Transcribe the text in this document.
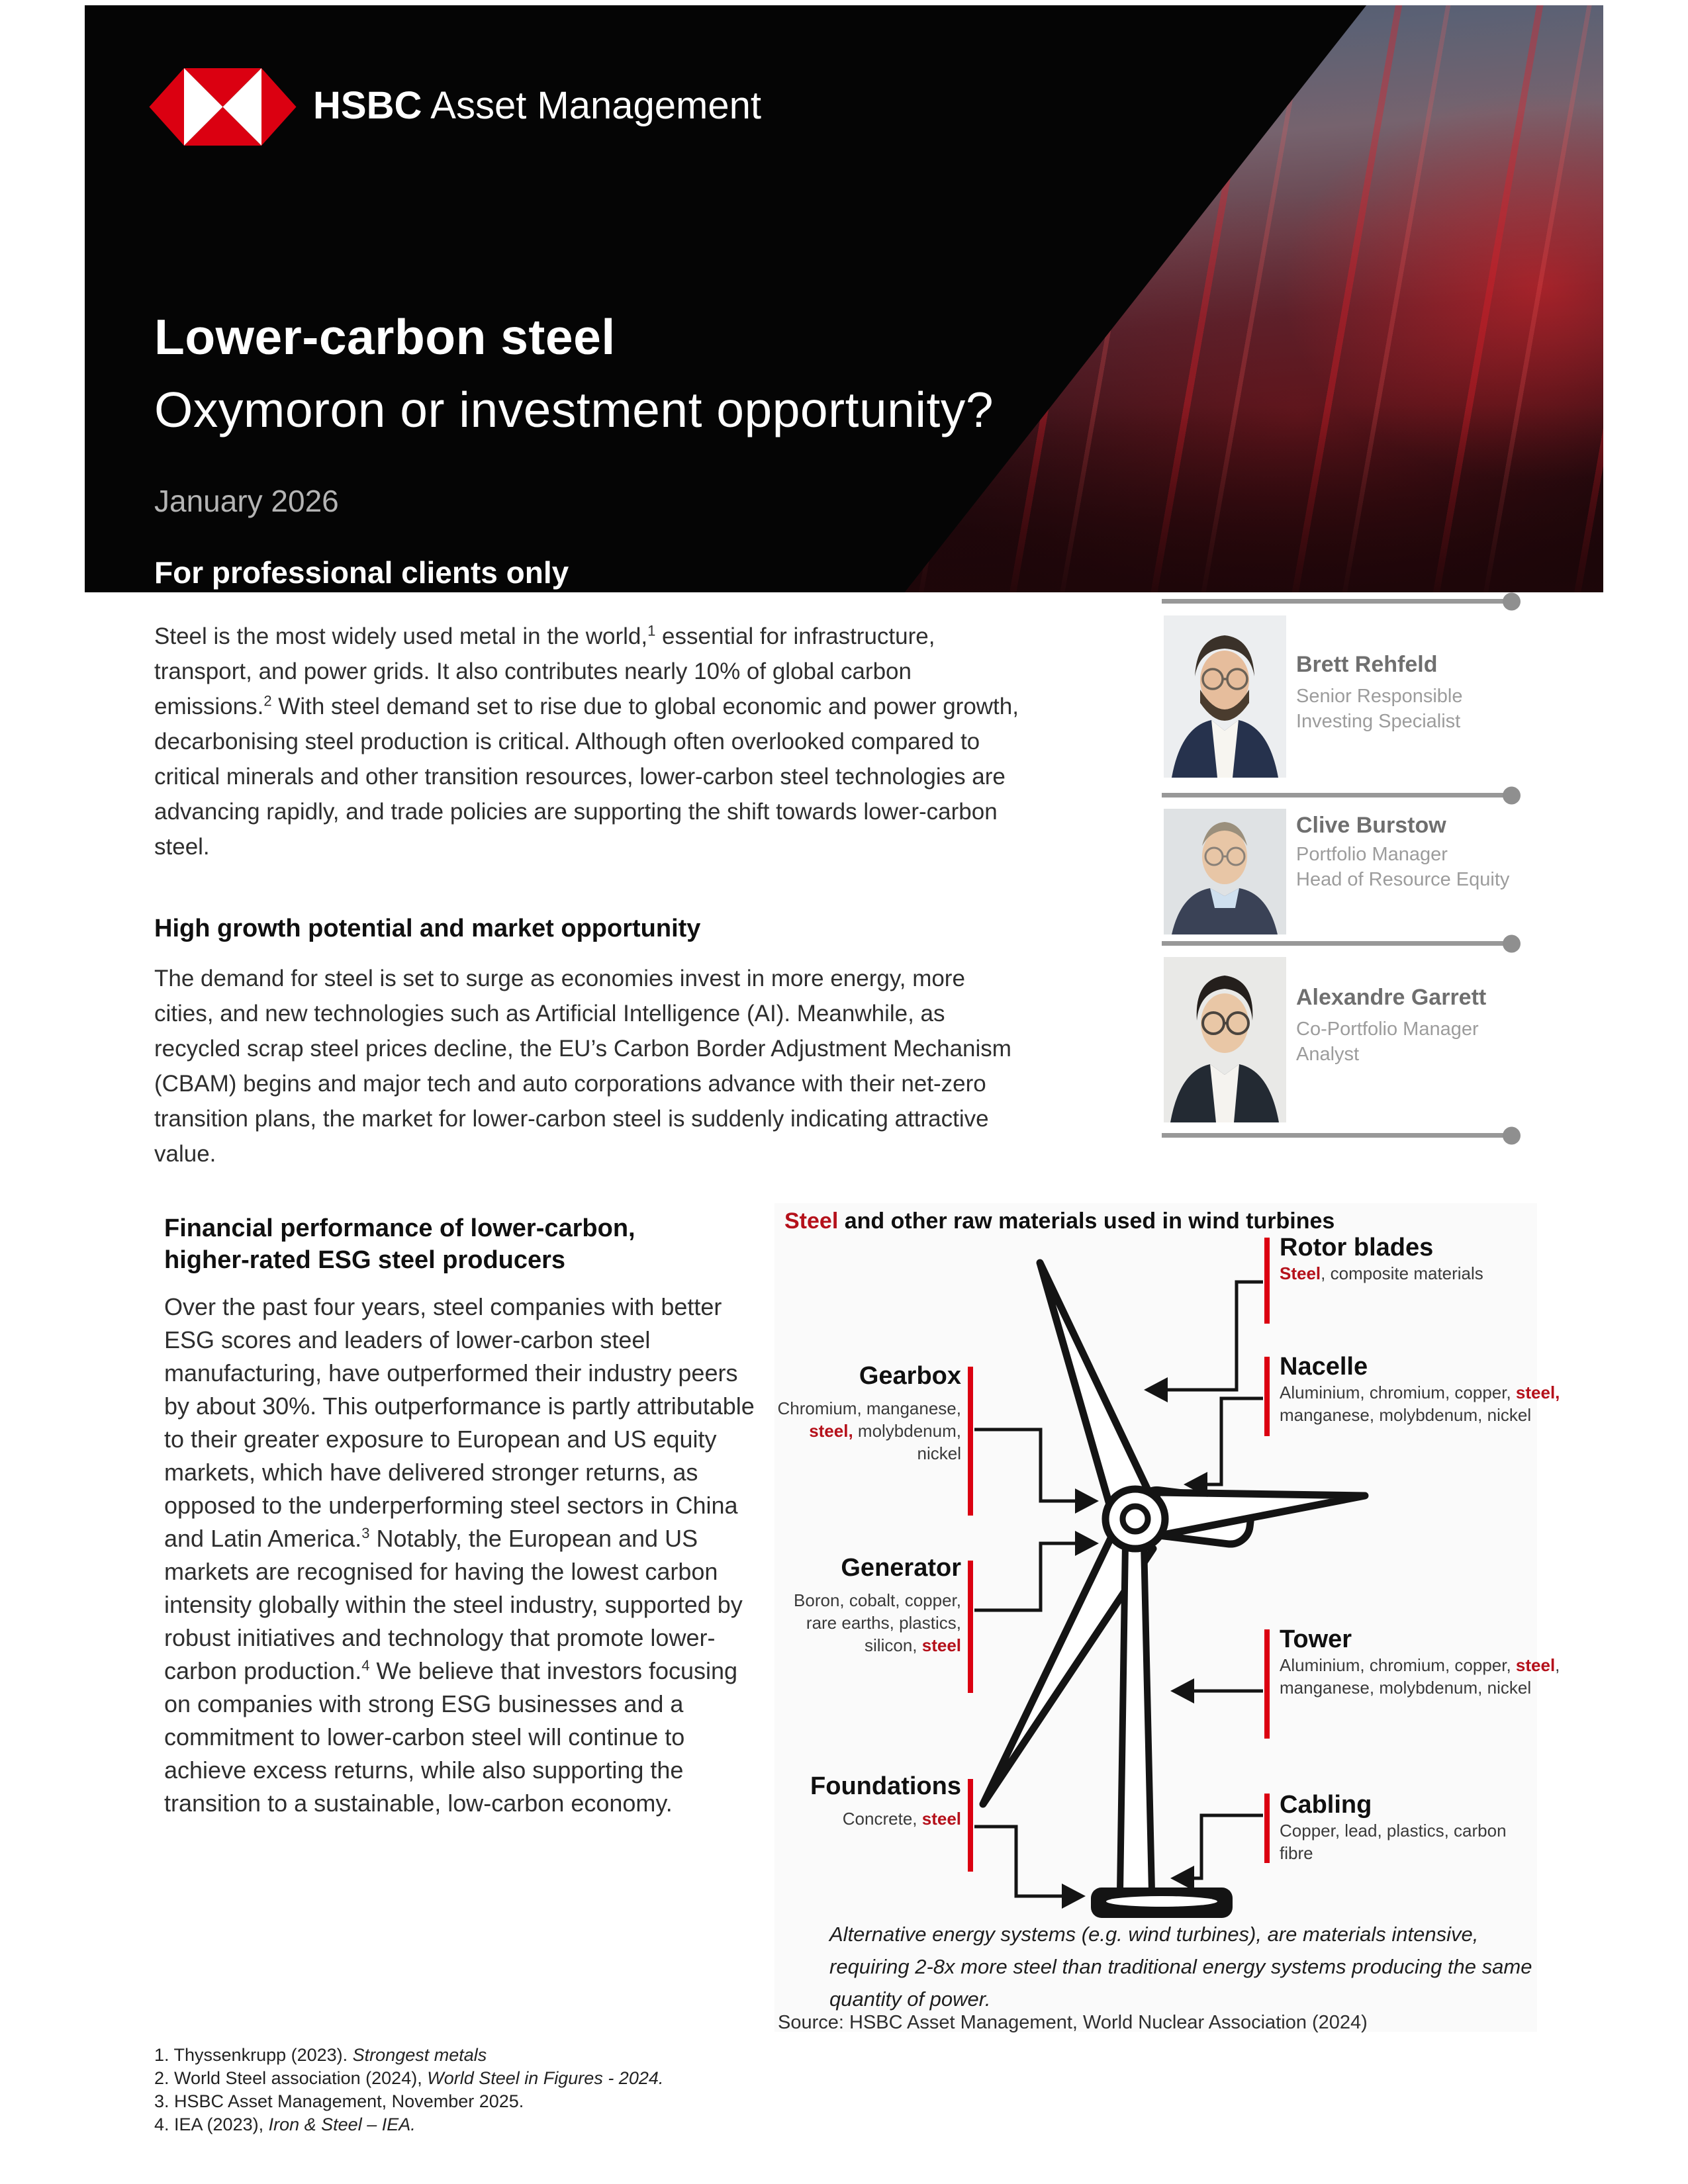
HSBC Asset Management
Lower-carbon steel
Oxymoron or investment opportunity?
January 2026
For professional clients only
Steel is the most widely used metal in the world,$^1$ essential for infrastructure, transport, and power grids. It also contributes nearly 10% of global carbon emissions.$^2$ With steel demand set to rise due to global economic and power growth, decarbonising steel production is critical. Although often overlooked compared to critical minerals and other transition resources, lower-carbon steel technologies are advancing rapidly, and trade policies are supporting the shift towards lower-carbon steel.
High growth potential and market opportunity
The demand for steel is set to surge as economies invest in more energy, more cities, and new technologies such as Artificial Intelligence (AI). Meanwhile, as recycled scrap steel prices decline, the EU’s Carbon Border Adjustment Mechanism (CBAM) begins and major tech and auto corporations advance with their net-zero transition plans, the market for lower-carbon steel is suddenly indicating attractive value.
Brett Rehfeld
Senior Responsible
Investing Specialist
Clive Burstow
Portfolio Manager
Head of Resource Equity
Alexandre Garrett
Co-Portfolio Manager
Analyst
Financial performance of lower-carbon,
higher-rated ESG steel producers
Over the past four years, steel companies with better ESG scores and leaders of lower-carbon steel manufacturing, have outperformed their industry peers by about 30%. This outperformance is partly attributable to their greater exposure to European and US equity markets, which have delivered stronger returns, as opposed to the underperforming steel sectors in China and Latin America.$^3$ Notably, the European and US markets are recognised for having the lowest carbon intensity globally within the steel industry, supported by robust initiatives and technology that promote lower-carbon production.$^4$ We believe that investors focusing on companies with strong ESG businesses and a commitment to lower-carbon steel will continue to achieve excess returns, while also supporting the transition to a sustainable, low-carbon economy.
Steel and other raw materials used in wind turbines
Rotor blades
Steel, composite materials
Nacelle
Aluminium, chromium, copper, steel,
manganese, molybdenum, nickel
Tower
Aluminium, chromium, copper, steel,
manganese, molybdenum, nickel
Cabling
Copper, lead, plastics, carbon
fibre
Gearbox
Chromium, manganese,
steel, molybdenum,
nickel
Generator
Boron, cobalt, copper,
rare earths, plastics,
silicon, steel
Foundations
Concrete, steel
Alternative energy systems (e.g. wind turbines), are materials intensive, requiring 2-8x more steel than traditional energy systems producing the same quantity of power.
Source: HSBC Asset Management, World Nuclear Association (2024)
1. Thyssenkrupp (2023). Strongest metals
2. World Steel association (2024), World Steel in Figures - 2024.
3. HSBC Asset Management, November 2025.
4. IEA (2023), Iron & Steel – IEA.
